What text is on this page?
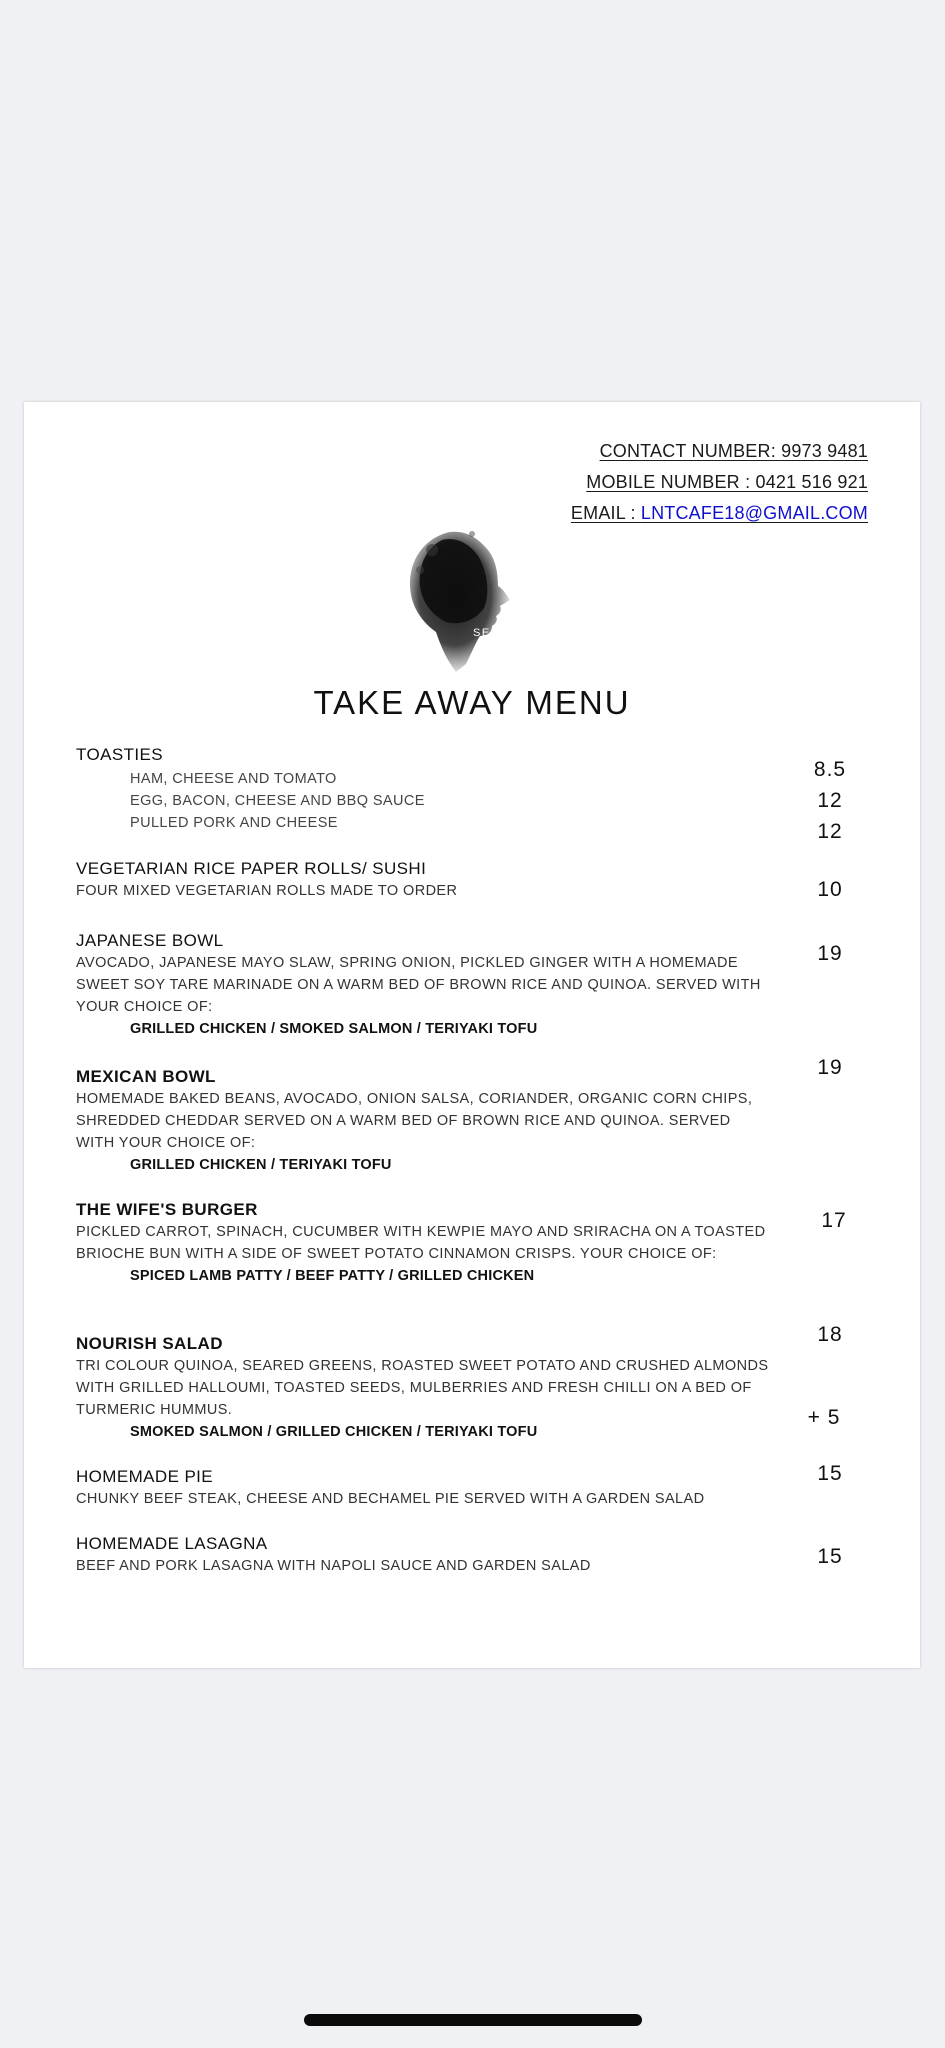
CONTACT NUMBER: 9973 9481
MOBILE NUMBER : 0421 516 921
EMAIL : LNTCAFE18@GMAIL.COM
SECOND WIFE
TAKE AWAY MENU
TOASTIES
HAM, CHEESE AND TOMATO
EGG, BACON, CHEESE AND BBQ SAUCE
PULLED PORK AND CHEESE
8.5
12
12
VEGETARIAN RICE PAPER ROLLS/ SUSHI
FOUR MIXED VEGETARIAN ROLLS MADE TO ORDER	10
JAPANESE BOWL
AVOCADO, JAPANESE MAYO SLAW, SPRING ONION, PICKLED GINGER WITH A HOMEMADE SWEET SOY TARE MARINADE ON A WARM BED OF BROWN RICE AND QUINOA. SERVED WITH YOUR CHOICE OF:
GRILLED CHICKEN / SMOKED SALMON / TERIYAKI TOFU
19
MEXICAN BOWL
HOMEMADE BAKED BEANS, AVOCADO, ONION SALSA, CORIANDER, ORGANIC CORN CHIPS, SHREDDED CHEDDAR SERVED ON A WARM BED OF BROWN RICE AND QUINOA. SERVED WITH YOUR CHOICE OF:
GRILLED CHICKEN / TERIYAKI TOFU
19
THE WIFE'S BURGER
PICKLED CARROT, SPINACH, CUCUMBER WITH KEWPIE MAYO AND SRIRACHA ON A TOASTED BRIOCHE BUN WITH A SIDE OF SWEET POTATO CINNAMON CRISPS. YOUR CHOICE OF:
SPICED LAMB PATTY / BEEF PATTY / GRILLED CHICKEN
17
NOURISH SALAD
TRI COLOUR QUINOA, SEARED GREENS, ROASTED SWEET POTATO AND CRUSHED ALMONDS WITH GRILLED HALLOUMI, TOASTED SEEDS, MULBERRIES AND FRESH CHILLI ON A BED OF TURMERIC HUMMUS.
SMOKED SALMON / GRILLED CHICKEN / TERIYAKI TOFU
18
+ 5
HOMEMADE PIE
CHUNKY BEEF STEAK, CHEESE AND BECHAMEL PIE SERVED WITH A GARDEN SALAD
15
HOMEMADE LASAGNA
BEEF AND PORK LASAGNA WITH NAPOLI SAUCE AND GARDEN SALAD	15
